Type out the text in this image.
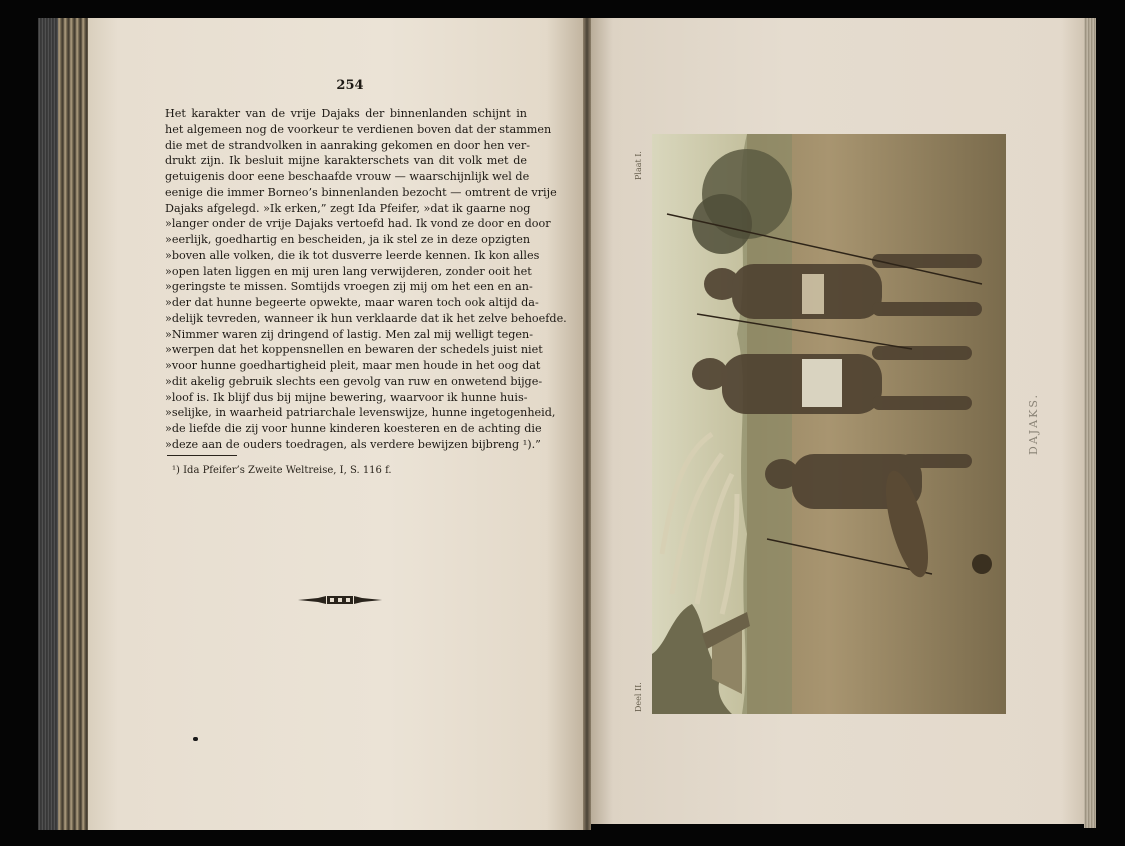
254
Het karakter van de vrije Dajaks der binnenlanden schijnt in
het algemeen nog de voorkeur te verdienen boven dat der stammen
die met de strandvolken in aanraking gekomen en door hen ver-
drukt zijn. Ik besluit mijne karakterschets van dit volk met de
getuigenis door eene beschaafde vrouw — waarschijnlijk wel de
eenige die immer Borneo’s binnenlanden bezocht — omtrent de vrije
Dajaks afgelegd. »Ik erken,” zegt Ida Pfeifer, »dat ik gaarne nog
»langer onder de vrije Dajaks vertoefd had. Ik vond ze door en door
»eerlijk, goedhartig en bescheiden, ja ik stel ze in deze opzigten
»boven alle volken, die ik tot dusverre leerde kennen. Ik kon alles
»open laten liggen en mij uren lang verwijderen, zonder ooit het
»geringste te missen. Somtijds vroegen zij mij om het een en an-
»der dat hunne begeerte opwekte, maar waren toch ook altijd da-
»delijk tevreden, wanneer ik hun verklaarde dat ik het zelve behoefde.
»Nimmer waren zij dringend of lastig. Men zal mij welligt tegen-
»werpen dat het koppensnellen en bewaren der schedels juist niet
»voor hunne goedhartigheid pleit, maar men houde in het oog dat
»dit akelig gebruik slechts een gevolg van ruw en onwetend bijge-
»loof is. Ik blijf dus bij mijne bewering, waarvoor ik hunne huis-
»selijke, in waarheid patriarchale levenswijze, hunne ingetogenheid,
»de liefde die zij voor hunne kinderen koesteren en de achting die
»deze aan de ouders toedragen, als verdere bewijzen bijbreng ¹).”
¹) Ida Pfeifer’s Zweite Weltreise, I, S. 116 f.
Plaat I.
Deel II.
DAJAKS.
